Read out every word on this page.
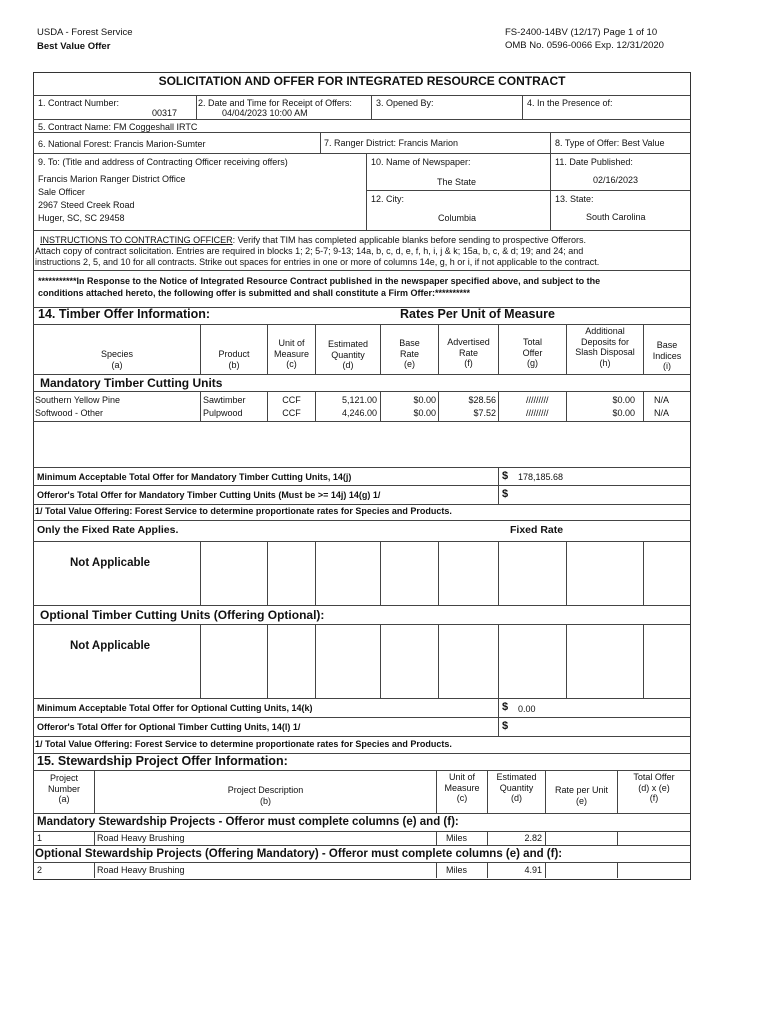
USDA - Forest Service
Best Value Offer
FS-2400-14BV (12/17) Page 1 of 10
OMB No. 0596-0066 Exp. 12/31/2020
SOLICITATION AND OFFER FOR INTEGRATED RESOURCE CONTRACT
1. Contract Number:
00317
2. Date and Time for Receipt of Offers:
04/04/2023 10:00 AM
3. Opened By:	4. In the Presence of:
5. Contract Name: FM Coggeshall IRTC
6. National Forest: Francis Marion-Sumter	7. Ranger District: Francis Marion	8. Type of Offer: Best Value
9. To: (Title and address of Contracting Officer receiving offers)
Francis Marion Ranger District Office
Sale Officer
2967 Steed Creek Road
Huger, SC, SC 29458
10. Name of Newspaper:
The State
11. Date Published:
02/16/2023
12. City:
Columbia
13. State:
South Carolina
INSTRUCTIONS TO CONTRACTING OFFICER: Verify that TIM has completed applicable blanks before sending to prospective Offerors.
Attach copy of contract solicitation. Entries are required in blocks 1; 2; 5-7; 9-13; 14a, b, c, d, e, f, h, i, j & k; 15a, b, c, & d; 19; and 24; and
instructions 2, 5, and 10 for all contracts. Strike out spaces for entries in one or more of columns 14e, g, h or i, if not applicable to the contract.
***********In Response to the Notice of Integrated Resource Contract published in the newspaper specified above, and subject to the
conditions attached hereto, the following offer is submitted and shall constitute a Firm Offer:**********
14. Timber Offer Information:	Rates Per Unit of Measure
Species
(a)
Product
(b)
Unit of
Measure
(c)
Estimated
Quantity
(d)
Base
Rate
(e)
Advertised
Rate
(f)
Total
Offer
(g)
Additional
Deposits for
Slash Disposal
(h)
Base
Indices
(i)
Mandatory Timber Cutting Units
Southern Yellow Pine	Sawtimber	CCF	5,121.00	$0.00	$28.56	/////////	$0.00 N/A
Softwood - Other	Pulpwood	CCF	4,246.00	$0.00	$7.52	/////////	$0.00 N/A
Minimum Acceptable Total Offer for Mandatory Timber Cutting Units, 14(j)	$ 178,185.68
Offeror's Total Offer for Mandatory Timber Cutting Units (Must be >= 14j) 14(g) 1/	$
1/ Total Value Offering: Forest Service to determine proportionate rates for Species and Products.
Only the Fixed Rate Applies.	Fixed Rate
Not Applicable
Optional Timber Cutting Units (Offering Optional):
Not Applicable
Minimum Acceptable Total Offer for Optional Cutting Units, 14(k)	$ 0.00
Offeror's Total Offer for Optional Timber Cutting Units, 14(l) 1/	$
1/ Total Value Offering: Forest Service to determine proportionate rates for Species and Products.
15. Stewardship Project Offer Information:
Project
Number
(a)
Project Description
(b)
Unit of
Measure
(c)
Estimated
Quantity
(d)
Rate per Unit
(e)
Total Offer
(d) x (e)
(f)
Mandatory Stewardship Projects - Offeror must complete columns (e) and (f):
1	Road Heavy Brushing	Miles	2.82
Optional Stewardship Projects (Offering Mandatory) - Offeror must complete columns (e) and (f):
2	Road Heavy Brushing	Miles	4.91
